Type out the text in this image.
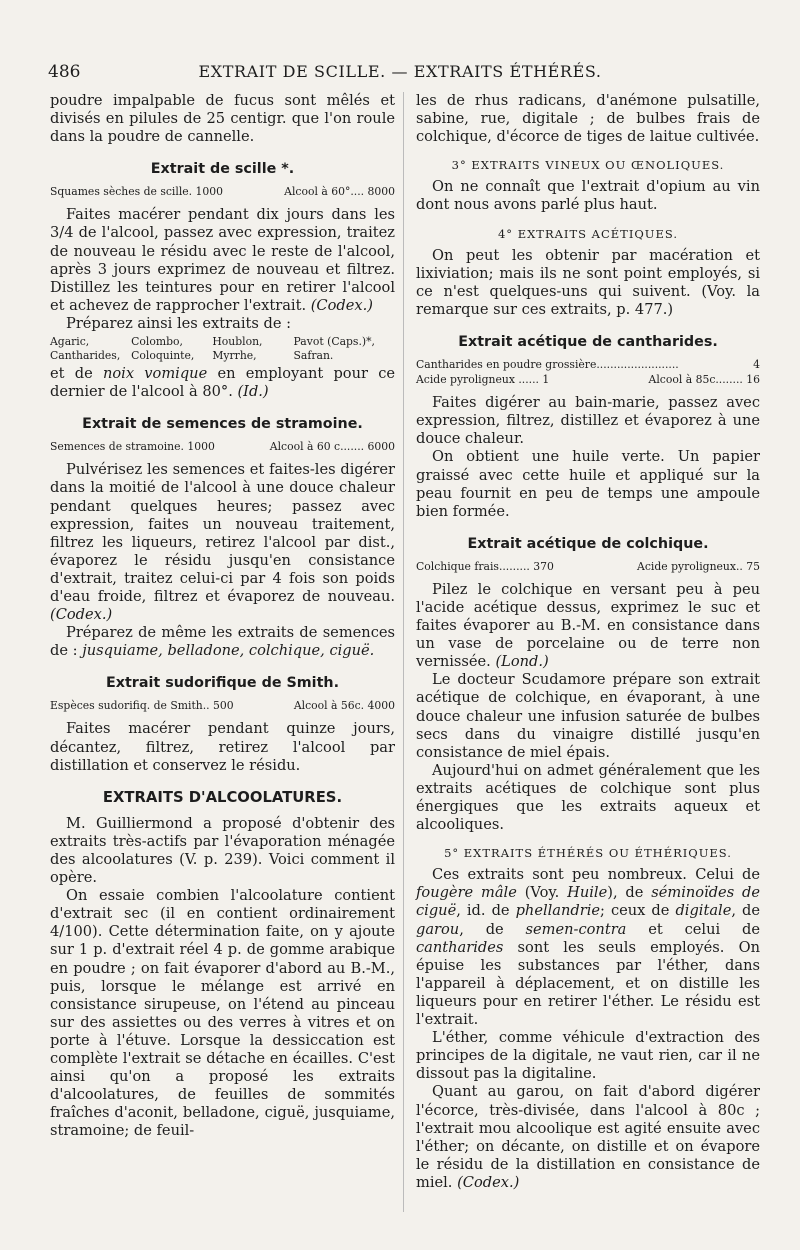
486	EXTRAIT DE SCILLE. — EXTRAITS ÉTHÉRÉS.

poudre impalpable de fucus sont mêlés et divisés en pilules de 25 centigr. que l'on roule dans la poudre de cannelle.

Extrait de scille *.
Squames sèches de scille. 1000	Alcool à 60°.... 8000

Faites macérer pendant dix jours dans les 3/4 de l'alcool, passez avec expression, traitez de nouveau le résidu avec le reste de l'alcool, après 3 jours exprimez de nouveau et filtrez. Distillez les teintures pour en retirer l'alcool et achevez de rapprocher l'extrait. (Codex.)

Préparez ainsi les extraits de :

Agaric,	Colombo,	Houblon,	Pavot (Caps.)*,
Cantharides,	Coloquinte,	Myrrhe,	Safran.

et de noix vomique en employant pour ce dernier de l'alcool à 80°. (Id.)

Extrait de semences de stramoine.
Semences de stramoine. 1000	Alcool à 60 c....... 6000

Pulvérisez les semences et faites-les digérer dans la moitié de l'alcool à une douce chaleur pendant quelques heures; passez avec expression, faites un nouveau traitement, filtrez les liqueurs, retirez l'alcool par dist., évaporez le résidu jusqu'en consistance d'extrait, traitez celui-ci par 4 fois son poids d'eau froide, filtrez et évaporez de nouveau. (Codex.)

Préparez de même les extraits de semences de : jusquiame, belladone, colchique, ciguë.

Extrait sudorifique de Smith.
Espèces sudorifiq. de Smith.. 500	Alcool à 56c. 4000

Faites macérer pendant quinze jours, décantez, filtrez, retirez l'alcool par distillation et conservez le résidu.

EXTRAITS D'ALCOOLATURES.

M. Guilliermond a proposé d'obtenir des extraits très-actifs par l'évaporation ménagée des alcoolatures (V. p. 239). Voici comment il opère.

On essaie combien l'alcoolature contient d'extrait sec (il en contient ordinairement 4/100). Cette détermination faite, on y ajoute sur 1 p. d'extrait réel 4 p. de gomme arabique en poudre ; on fait évaporer d'abord au B.-M., puis, lorsque le mélange est arrivé en consistance sirupeuse, on l'étend au pinceau sur des assiettes ou des verres à vitres et on porte à l'étuve. Lorsque la dessiccation est complète l'extrait se détache en écailles. C'est ainsi qu'on a proposé les extraits d'alcoolatures, de feuilles de sommités fraîches d'aconit, belladone, ciguë, jusquiame, stramoine; de feuil-

les de rhus radicans, d'anémone pulsatille, sabine, rue, digitale ; de bulbes frais de colchique, d'écorce de tiges de laitue cultivée.

3° EXTRAITS VINEUX OU ŒNOLIQUES.

On ne connaît que l'extrait d'opium au vin dont nous avons parlé plus haut.

4° EXTRAITS ACÉTIQUES.

On peut les obtenir par macération et lixiviation; mais ils ne sont point employés, si ce n'est quelques-uns qui suivent. (Voy. la remarque sur ces extraits, p. 477.)

Extrait acétique de cantharides.
Cantharides en poudre grossière........................	4
Acide pyroligneux ...... 1	Alcool à 85c........ 16

Faites digérer au bain-marie, passez avec expression, filtrez, distillez et évaporez à une douce chaleur.

On obtient une huile verte. Un papier graissé avec cette huile et appliqué sur la peau fournit en peu de temps une ampoule bien formée.

Extrait acétique de colchique.
Colchique frais......... 370	Acide pyroligneux.. 75

Pilez le colchique en versant peu à peu l'acide acétique dessus, exprimez le suc et faites évaporer au B.-M. en consistance dans un vase de porcelaine ou de terre non vernissée. (Lond.)

Le docteur Scudamore prépare son extrait acétique de colchique, en évaporant, à une douce chaleur une infusion saturée de bulbes secs dans du vinaigre distillé jusqu'en consistance de miel épais.

Aujourd'hui on admet généralement que les extraits acétiques de colchique sont plus énergiques que les extraits aqueux et alcooliques.

5° EXTRAITS ÉTHÉRÉS OU ÉTHÉRIQUES.

Ces extraits sont peu nombreux. Celui de fougère mâle (Voy. Huile), de séminoïdes de ciguë, id. de phellandrie; ceux de digitale, de garou, de semen-contra et celui de cantharides sont les seuls employés. On épuise les substances par l'éther, dans l'appareil à déplacement, et on distille les liqueurs pour en retirer l'éther. Le résidu est l'extrait.

L'éther, comme véhicule d'extraction des principes de la digitale, ne vaut rien, car il ne dissout pas la digitaline.

Quant au garou, on fait d'abord digérer l'écorce, très-divisée, dans l'alcool à 80c ; l'extrait mou alcoolique est agité ensuite avec l'éther; on décante, on distille et on évapore le résidu de la distillation en consistance de miel. (Codex.)
